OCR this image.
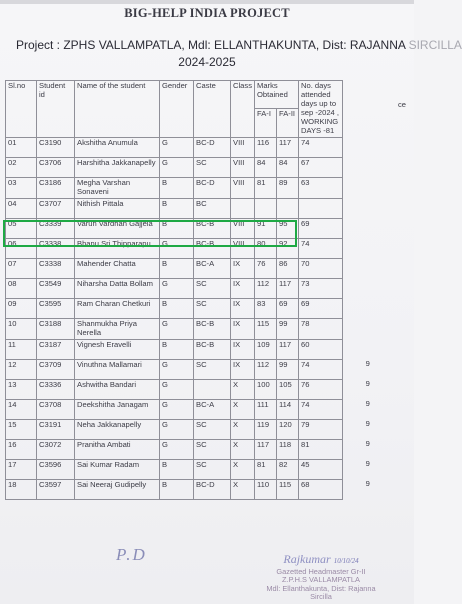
BIG-HELP INDIA PROJECT
Project : ZPHS VALLAMPATLA, Mdl: ELLANTHAKUNTA, Dist: RAJANNA SIRCILLA
2024-2025
Sl.no	Student id	Name of the student	Gender	Caste	Class	Marks Obtained		No. days attended days up to sep -2024 , WORKING DAYS -81	
						FA-I	FA-II		
01	C3190	Akshitha Anumula	G	BC-D	VIII	116	117	74	
02	C3706	Harshitha Jakkanapelly	G	SC	VIII	84	84	67	
03	C3186	Megha Varshan Sonaveni	B	BC-D	VIII	81	89	63	
04	C3707	Nithish Pittala	B	BC					
05	C3339	Varun Vardhan Gajjela	B	BC-B	VIII	91	95	69	
06	C3338	Bhanu Sri Thipparapu	G	BC-B	VIII	80	92	74	
07	C3338	Mahender Chatta	B	BC-A	IX	76	86	70	
08	C3549	Niharsha Datta Bollam	G	SC	IX	112	117	73	
09	C3595	Ram Charan Chetkuri	B	SC	IX	83	69	69	
10	C3188	Shanmukha Priya Nerella	G	BC-B	IX	115	99	78	
11	C3187	Vignesh Eravelli	B	BC-B	IX	109	117	60	
12	C3709	Vinuthna Mallamari	G	SC	IX	112	99	74	9
13	C3336	Ashwitha Bandari	G		X	100	105	76	9
14	C3708	Deekshitha Janagam	G	BC-A	X	111	114	74	9
15	C3191	Neha Jakkanapelly	G	SC	X	119	120	79	9
16	C3072	Pranitha Ambati	G	SC	X	117	118	81	9
17	C3596	Sai Kumar Radam	B	SC	X	81	82	45	9
18	C3597	Sai Neeraj Gudipelly	B	BC-D	X	110	115	68	9
ce
P.D	Rajkumar 10/10/24
Gazetted Headmaster Gr-II
Z.P.H.S VALLAMPATLA
Mdl: Ellanthakunta, Dist: Rajanna Sircilla
